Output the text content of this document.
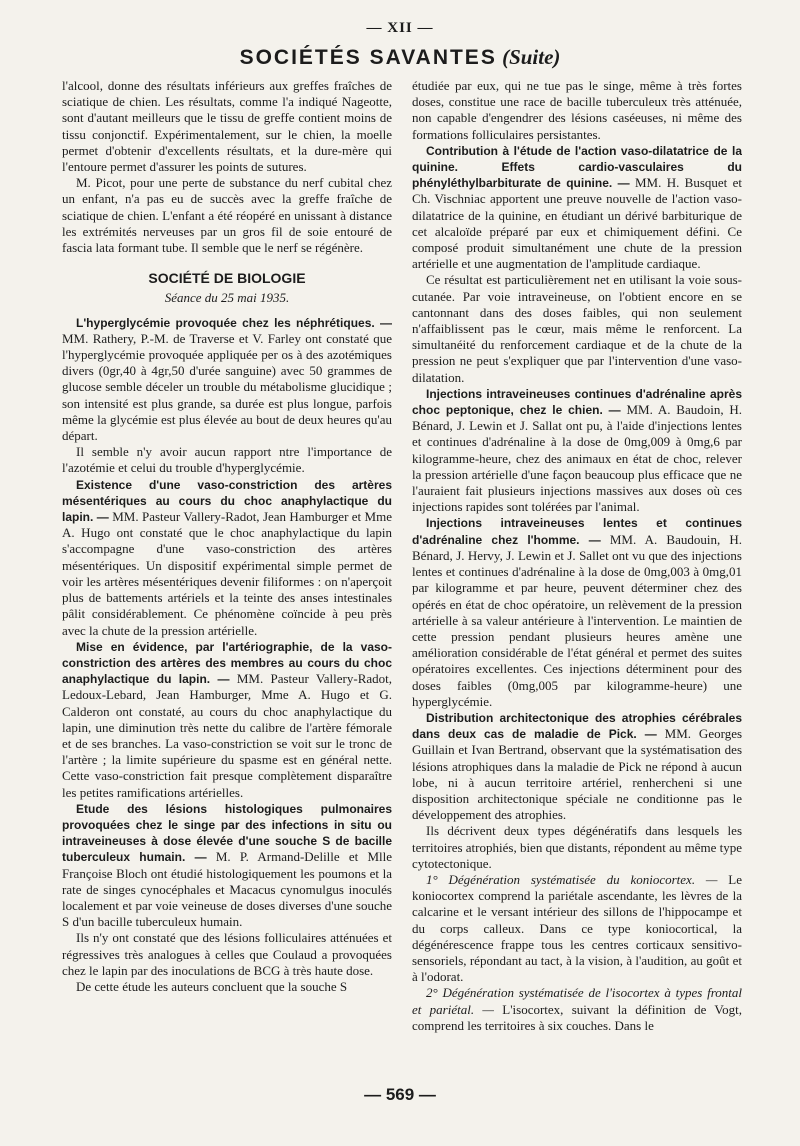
— XII —
SOCIÉTÉS SAVANTES (Suite)

l'alcool, donne des résultats inférieurs aux greffes fraîches de sciatique de chien. Les résultats, comme l'a indiqué Nageotte, sont d'autant meilleurs que le tissu de greffe contient moins de tissu conjonctif. Expérimentalement, sur le chien, la moelle permet d'obtenir d'excellents résultats, et la dure-mère qui l'entoure permet d'assurer les points de sutures.

M. Picot, pour une perte de substance du nerf cubital chez un enfant, n'a pas eu de succès avec la greffe fraîche de sciatique de chien. L'enfant a été réopéré en unissant à distance les extrémités nerveuses par un gros fil de soie entouré de fascia lata formant tube. Il semble que le nerf se régénère.

SOCIÉTÉ DE BIOLOGIE
Séance du 25 mai 1935.

L'hyperglycémie provoquée chez les néphrétiques. — MM. Rathery, P.-M. de Traverse et V. Farley ont constaté que l'hyperglycémie provoquée appliquée per os à des azotémiques divers (0gr,40 à 4gr,50 d'urée sanguine) avec 50 grammes de glucose semble déceler un trouble du métabolisme glucidique ; son intensité est plus grande, sa durée est plus longue, parfois même la glycémie est plus élevée au bout de deux heures qu'au départ.

Il semble n'y avoir aucun rapport ntre l'importance de l'azotémie et celui du trouble d'hyperglycémie.

Existence d'une vaso-constriction des artères mésentériques au cours du choc anaphylactique du lapin. — MM. Pasteur Vallery-Radot, Jean Hamburger et Mme A. Hugo ont constaté que le choc anaphylactique du lapin s'accompagne d'une vaso-constriction des artères mésentériques. Un dispositif expérimental simple permet de voir les artères mésentériques devenir filiformes : on n'aperçoit plus de battements artériels et la teinte des anses intestinales pâlit considérablement. Ce phénomène coïncide à peu près avec la chute de la pression artérielle.

Mise en évidence, par l'artériographie, de la vaso-constriction des artères des membres au cours du choc anaphylactique du lapin. — MM. Pasteur Vallery-Radot, Ledoux-Lebard, Jean Hamburger, Mme A. Hugo et G. Calderon ont constaté, au cours du choc anaphylactique du lapin, une diminution très nette du calibre de l'artère fémorale et de ses branches. La vaso-constriction se voit sur le tronc de l'artère ; la limite supérieure du spasme est en général nette. Cette vaso-constriction fait presque complètement disparaître les petites ramifications artérielles.

Etude des lésions histologiques pulmonaires provoquées chez le singe par des infections in situ ou intraveineuses à dose élevée d'une souche S de bacille tuberculeux humain. — M. P. Armand-Delille et Mlle Françoise Bloch ont étudié histologiquement les poumons et la rate de singes cynocéphales et Macacus cynomulgus inoculés localement et par voie veineuse de doses diverses d'une souche S d'un bacille tuberculeux humain.

Ils n'y ont constaté que des lésions folliculaires atténuées et régressives très analogues à celles que Coulaud a provoquées chez le lapin par des inoculations de BCG à très haute dose.

De cette étude les auteurs concluent que la souche S

étudiée par eux, qui ne tue pas le singe, même à très fortes doses, constitue une race de bacille tuberculeux très atténuée, non capable d'engendrer des lésions caséeuses, ni même des formations folliculaires persistantes.

Contribution à l'étude de l'action vaso-dilatatrice de la quinine. Effets cardio-vasculaires du phényléthylbarbiturate de quinine. — MM. H. Busquet et Ch. Vischniac apportent une preuve nouvelle de l'action vaso-dilatatrice de la quinine, en étudiant un dérivé barbiturique de cet alcaloïde préparé par eux et chimiquement défini. Ce composé produit simultanément une chute de la pression artérielle et une augmentation de l'amplitude cardiaque.

Ce résultat est particulièrement net en utilisant la voie sous-cutanée. Par voie intraveineuse, on l'obtient encore en se cantonnant dans des doses faibles, qui non seulement n'affaiblissent pas le cœur, mais même le renforcent. La simultanéité du renforcement cardiaque et de la chute de la pression ne peut s'expliquer que par l'intervention d'une vaso-dilatation.

Injections intraveineuses continues d'adrénaline après choc peptonique, chez le chien. — MM. A. Baudoin, H. Bénard, J. Lewin et J. Sallat ont pu, à l'aide d'injections lentes et continues d'adrénaline à la dose de 0mg,009 à 0mg,6 par kilogramme-heure, chez des animaux en état de choc, relever la pression artérielle d'une façon beaucoup plus efficace que ne l'auraient fait plusieurs injections massives aux doses où ces injections rapides sont tolérées par l'animal.

Injections intraveineuses lentes et continues d'adrénaline chez l'homme. — MM. A. Baudouin, H. Bénard, J. Hervy, J. Lewin et J. Sallet ont vu que des injections lentes et continues d'adrénaline à la dose de 0mg,003 à 0mg,01 par kilogramme et par heure, peuvent déterminer chez des opérés en état de choc opératoire, un relèvement de la pression artérielle à sa valeur antérieure à l'intervention. Le maintien de cette pression pendant plusieurs heures amène une amélioration considérable de l'état général et permet des suites opératoires excellentes. Ces injections déterminent pour des doses faibles (0mg,005 par kilogramme-heure) une hyperglycémie.

Distribution architectonique des atrophies cérébrales dans deux cas de maladie de Pick. — MM. Georges Guillain et Ivan Bertrand, observant que la systématisation des lésions atrophiques dans la maladie de Pick ne répond à aucun lobe, ni à aucun territoire artériel, renhercheni si une disposition architectonique spéciale ne conditionne pas le développement des atrophies.

Ils décrivent deux types dégénératifs dans lesquels les territoires atrophiés, bien que distants, répondent au même type cytotectonique.

1° Dégénération systématisée du koniocortex. — Le koniocortex comprend la pariétale ascendante, les lèvres de la calcarine et le versant intérieur des sillons de l'hippocampe et du corps calleux. Dans ce type koniocortical, la dégénérescence frappe tous les centres corticaux sensitivo-sensoriels, répondant au tact, à la vision, à l'audition, au goût et à l'odorat.

2° Dégénération systématisée de l'isocortex à types frontal et pariétal. — L'isocortex, suivant la définition de Vogt, comprend les territoires à six couches. Dans le

— 569 —
